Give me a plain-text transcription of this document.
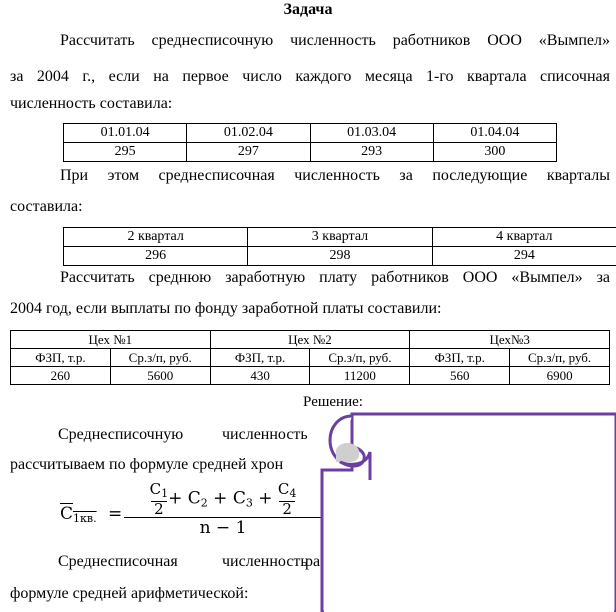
Задача
Рассчитать среднесписочную численность работников ООО «Вымпел»
за 2004 г., если на первое число каждого месяца 1-го квартала списочная
численность составила:
01.01.04	01.02.04	01.03.04	01.04.04
295	297	293	300
При этом среднесписочная численность за последующие кварталы
составила:
2 квартал	3 квартал	4 квартал
296	298	294
Рассчитать среднюю заработную плату работников ООО «Вымпел» за
2004 год, если выплаты по фонду заработной платы составили:
Цех №1		Цех №2		Цех№3	
ФЗП, т.р.	Ср.з/п, руб.	ФЗП, т.р.	Ср.з/п, руб.	ФЗП, т.р.	Ср.з/п, руб.
260	5600	430	11200	560	6900
Решение:
Среднесписочную	численность
рассчитываем по формуле средней хрон
$С_{1кв.}$ =
$С_1$
2
+ $С_2 + С_3 + С_4$
2
n − 1
Среднесписочная	численность
ра
формуле средней арифметической:
